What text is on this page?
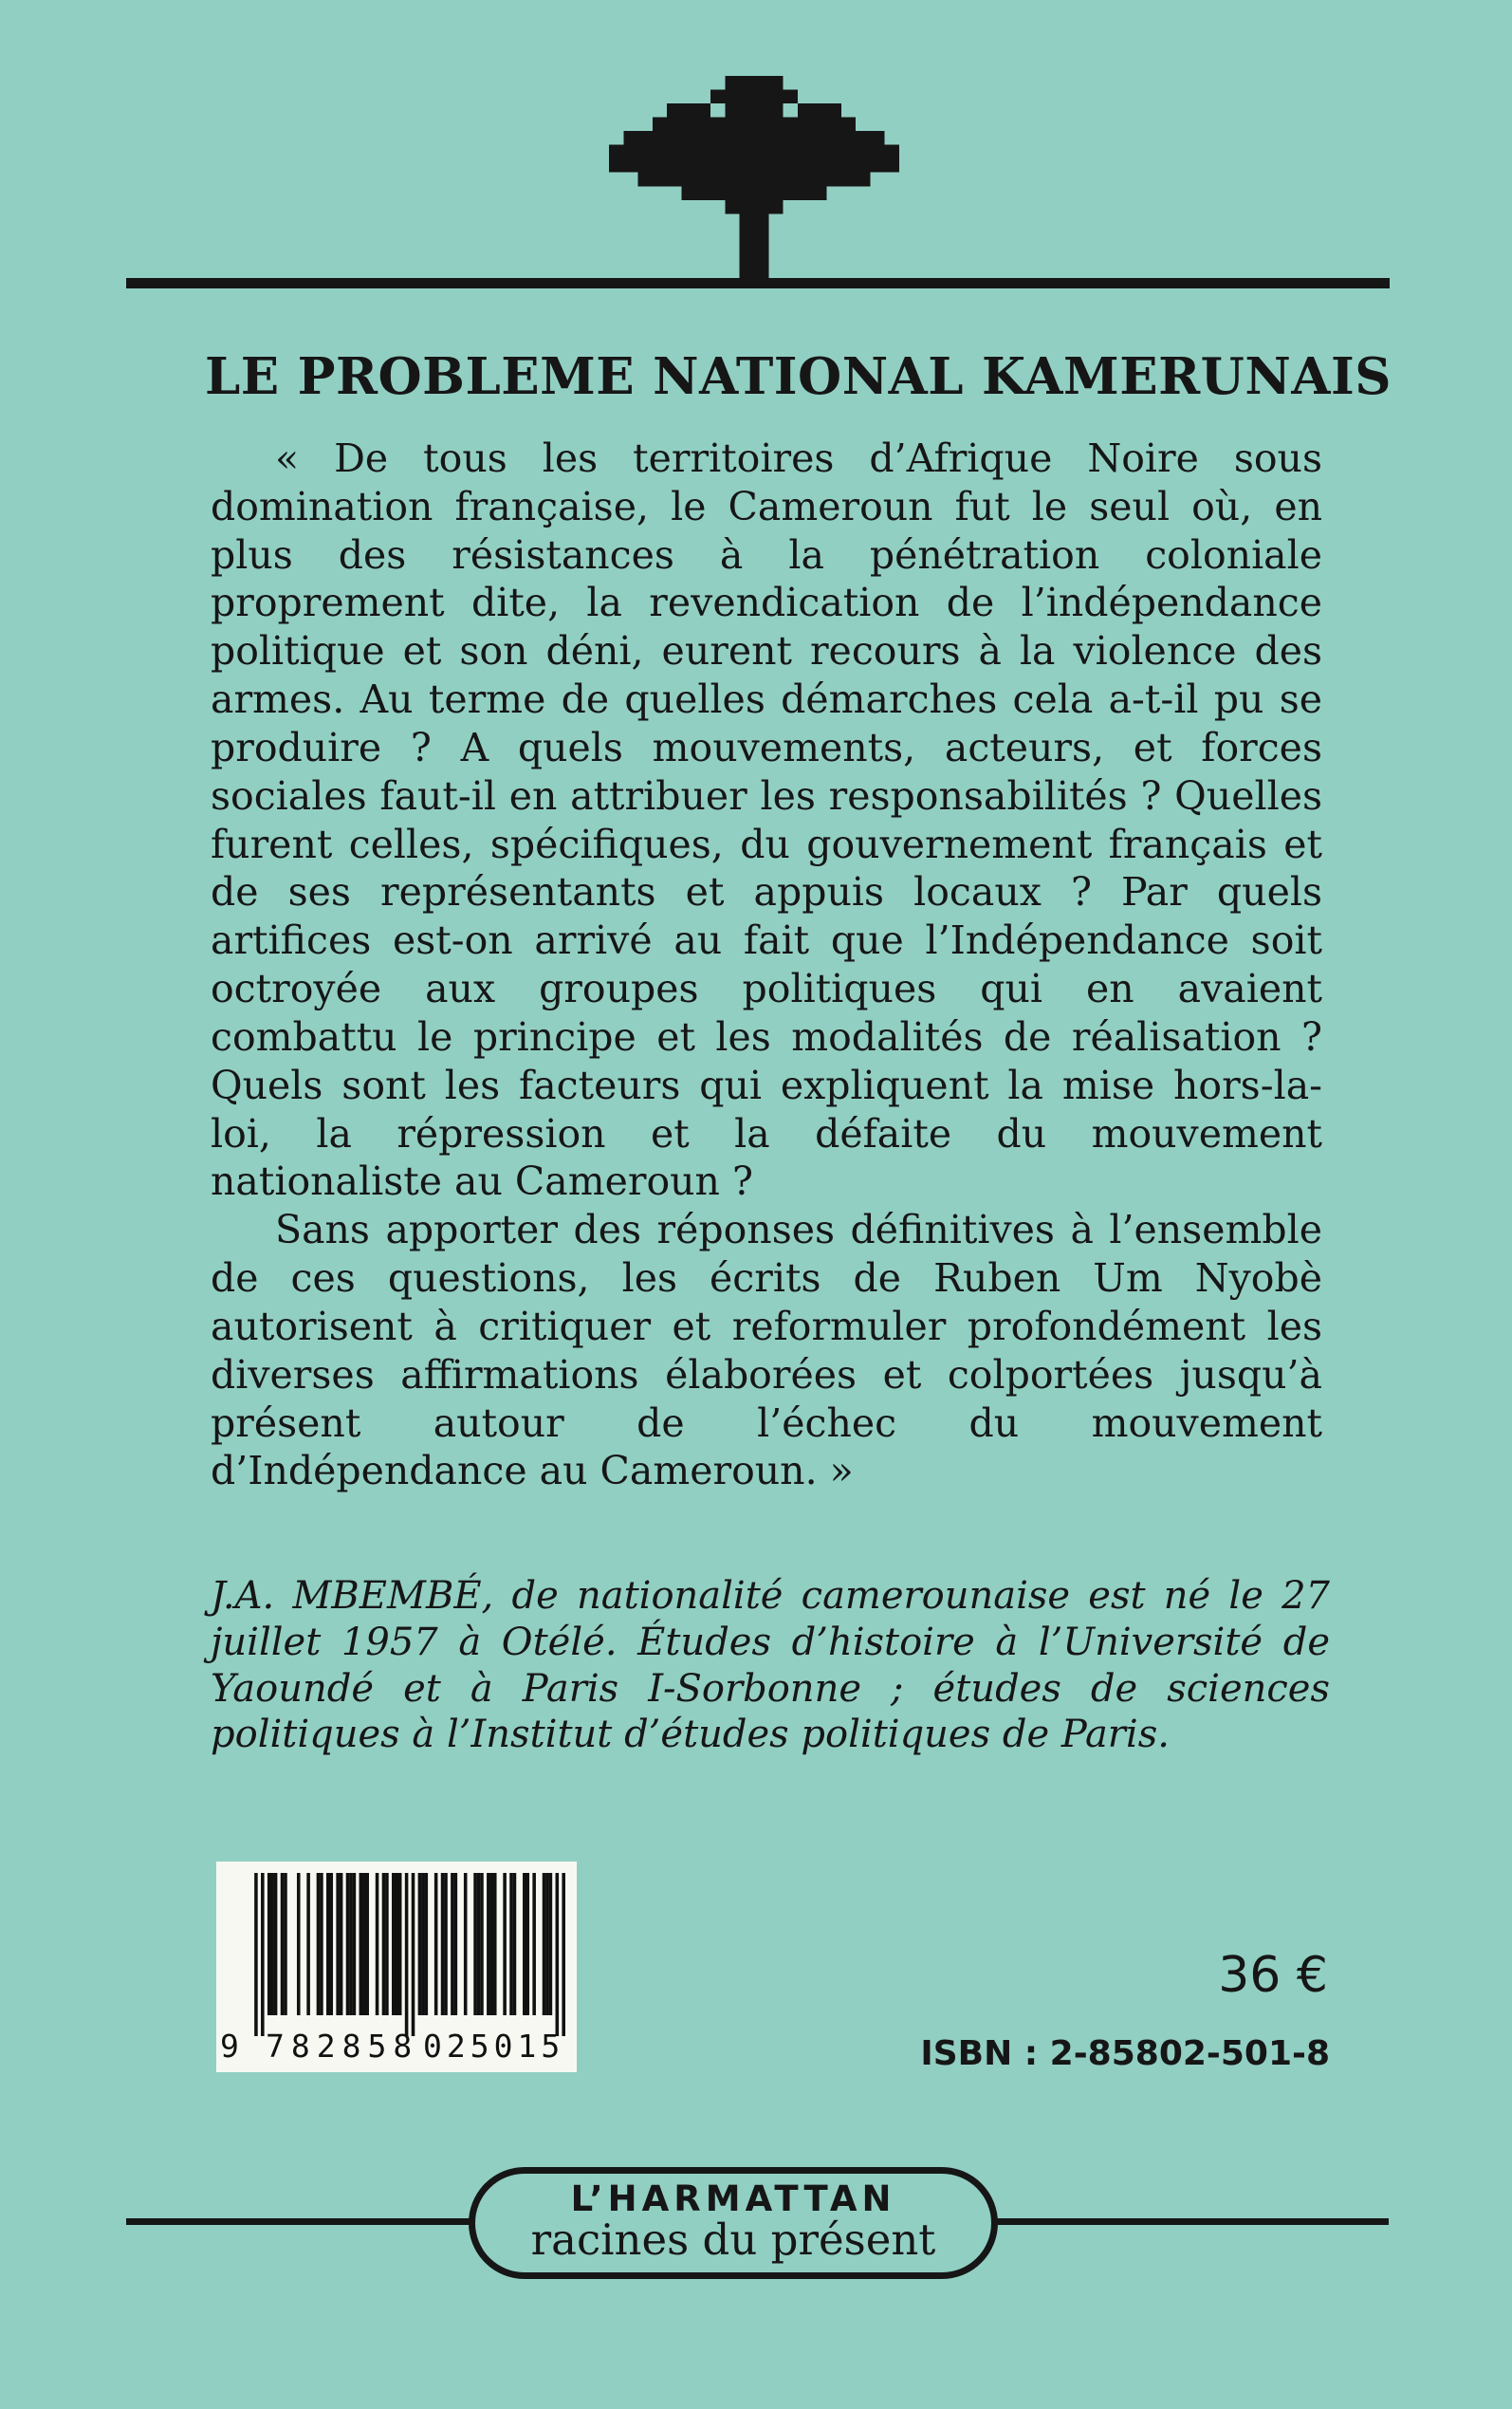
LE PROBLEME NATIONAL KAMERUNAIS

« De tous les territoires d’Afrique Noire sous domination française, le Cameroun fut le seul où, en plus des résistances à la pénétration coloniale proprement dite, la revendication de l’indépendance politique et son déni, eurent recours à la violence des armes. Au terme de quelles démarches cela a-t-il pu se produire ? A quels mouvements, acteurs, et forces sociales faut-il en attribuer les responsabilités ? Quelles furent celles, spécifiques, du gouvernement français et de ses représentants et appuis locaux ? Par quels artifices est-on arrivé au fait que l’Indépendance soit octroyée aux groupes politiques qui en avaient combattu le principe et les modalités de réalisation ? Quels sont les facteurs qui expliquent la mise hors-la-loi, la répression et la défaite du mouvement nationaliste au Cameroun ?

Sans apporter des réponses définitives à l’ensemble de ces questions, les écrits de Ruben Um Nyobè autorisent à critiquer et reformuler profondément les diverses affirmations élaborées et colportées jusqu’à présent autour de l’échec du mouvement d’Indépendance au Cameroun. »

J.A. MBEMBÉ, de nationalité camerounaise est né le 27 juillet 1957 à Otélé. Études d’histoire à l’Université de Yaoundé et à Paris I-Sorbonne ; études de sciences politiques à l’Institut d’études politiques de Paris.

9 782858 025015
36 €
ISBN : 2-85802-501-8
L’HARMATTAN
racines du présent
